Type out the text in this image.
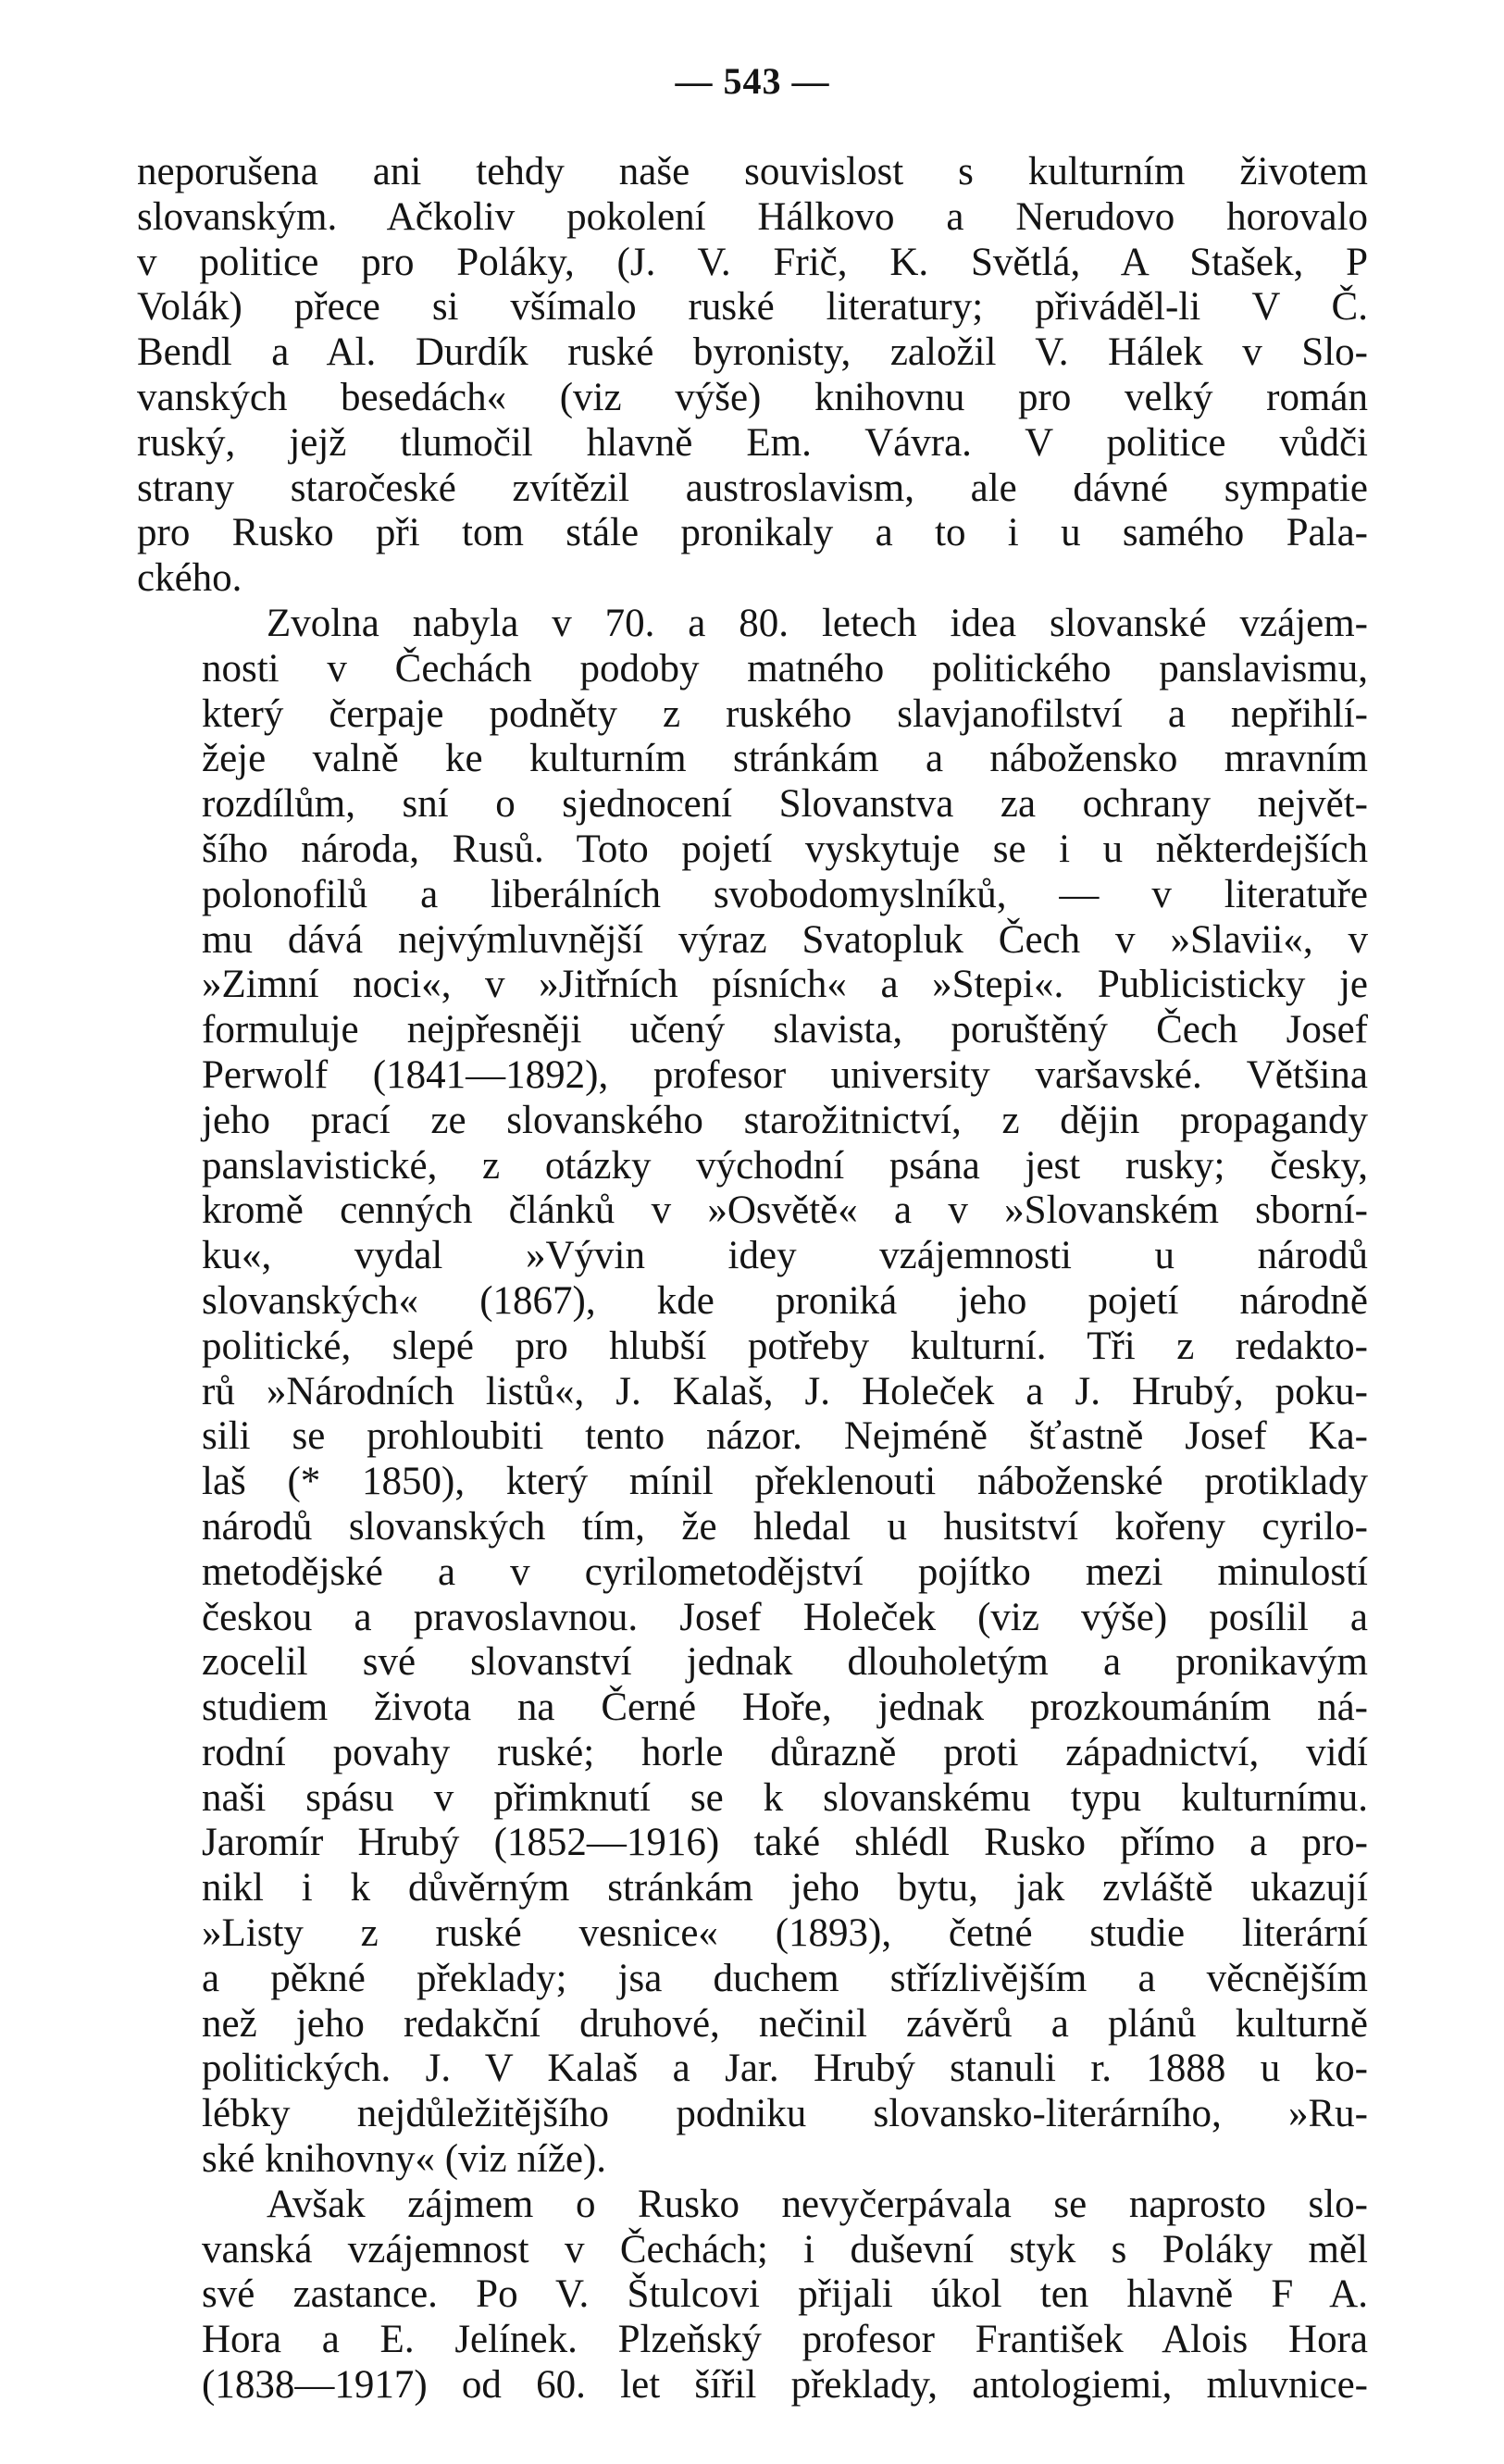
— 543 —
neporušena ani tehdy naše souvislost s kulturním životem
slovanským. Ačkoliv pokolení Hálkovo a Nerudovo horovalo
v politice pro Poláky, (J. V. Frič, K. Světlá, A Stašek, P
Volák) přece si všímalo ruské literatury; přiváděl-li V Č.
Bendl a Al. Durdík ruské byronisty, založil V. Hálek v Slo-
vanských besedách« (viz výše) knihovnu pro velký román
ruský, jejž tlumočil hlavně Em. Vávra. V politice vůdči
strany staročeské zvítězil austroslavism, ale dávné sympatie
pro Rusko při tom stále pronikaly a to i u samého Pala-
ckého.
Zvolna nabyla v 70. a 80. letech idea slovanské vzájem-
nosti v Čechách podoby matného politického panslavismu,
který čerpaje podněty z ruského slavjanofilství a nepřihlí-
žeje valně ke kulturním stránkám a nábožensko mravním
rozdílům, sní o sjednocení Slovanstva za ochrany největ-
šího národa, Rusů. Toto pojetí vyskytuje se i u některdejších
polonofilů a liberálních svobodomyslníků, — v literatuře
mu dává nejvýmluvnější výraz Svatopluk Čech v »Slavii«, v
»Zimní noci«, v »Jitřních písních« a »Stepi«. Publicisticky je
formuluje nejpřesněji učený slavista, poruštěný Čech Josef
Perwolf (1841—1892), profesor university varšavské. Většina
jeho prací ze slovanského starožitnictví, z dějin propagandy
panslavistické, z otázky východní psána jest rusky; česky,
kromě cenných článků v »Osvětě« a v »Slovanském sborní-
ku«, vydal »Vývin idey vzájemnosti u národů
slovanských« (1867), kde proniká jeho pojetí národně
politické, slepé pro hlubší potřeby kulturní. Tři z redakto-
rů »Národních listů«, J. Kalaš, J. Holeček a J. Hrubý, poku-
sili se prohloubiti tento názor. Nejméně šťastně Josef Ka-
laš (* 1850), který mínil překlenouti náboženské protiklady
národů slovanských tím, že hledal u husitství kořeny cyrilo-
metodějské a v cyrilometodějství pojítko mezi minulostí
českou a pravoslavnou. Josef Holeček (viz výše) posílil a
zocelil své slovanství jednak dlouholetým a pronikavým
studiem života na Černé Hoře, jednak prozkoumáním ná-
rodní povahy ruské; horle důrazně proti západnictví, vidí
naši spásu v přimknutí se k slovanskému typu kulturnímu.
Jaromír Hrubý (1852—1916) také shlédl Rusko přímo a pro-
nikl i k důvěrným stránkám jeho bytu, jak zvláště ukazují
»Listy z ruské vesnice« (1893), četné studie literární
a pěkné překlady; jsa duchem střízlivějším a věcnějším
než jeho redakční druhové, nečinil závěrů a plánů kulturně
politických. J. V Kalaš a Jar. Hrubý stanuli r. 1888 u ko-
lébky nejdůležitějšího podniku slovansko-literárního, »Ru-
ské knihovny« (viz níže).
Avšak zájmem o Rusko nevyčerpávala se naprosto slo-
vanská vzájemnost v Čechách; i duševní styk s Poláky měl
své zastance. Po V. Štulcovi přijali úkol ten hlavně F A.
Hora a E. Jelínek. Plzeňský profesor František Alois Hora
(1838—1917) od 60. let šířil překlady, antologiemi, mluvnice-
